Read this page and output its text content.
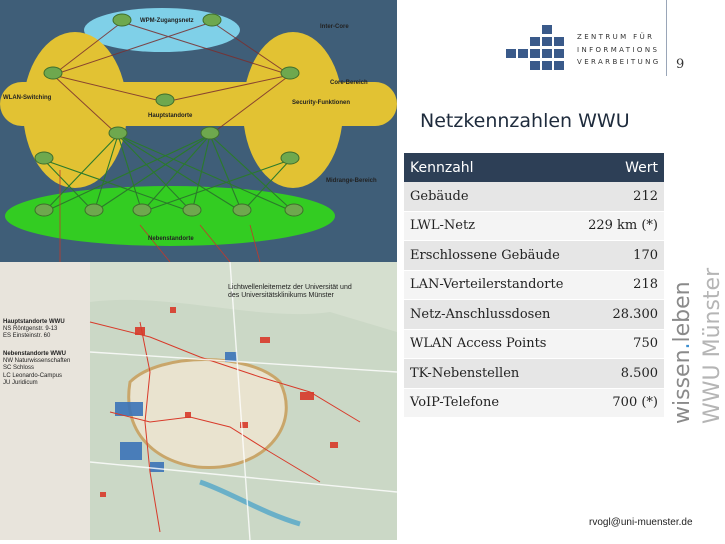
WPM-Zugangsnetz
Inter-Core
Core-Bereich
WLAN-Switching
Security-Funktionen
Hauptstandorte
Midrange-Bereich
Nebenstandorte
Lichtwellenleiternetz der Universität und
des Universitätsklinikums Münster
Hauptstandorte WWU
NS Röntgenstr. 9-13
ES Einsteinstr. 60
Nebenstandorte WWU
NW Naturwissenschaften
SC Schloss
LC Leonardo-Campus
JU Juridicum
ZENTRUM FÜR
INFORMATIONS
VERARBEITUNG 9
Netzkennzahlen WWU
Kennzahl	Wert
Gebäude	212
LWL-Netz	229 km (*)
Erschlossene Gebäude	170
LAN-Verteilerstandorte	218
Netz-Anschlussdosen	28.300
WLAN Access Points	750
TK-Nebenstellen	8.500
VoIP-Telefone	700 (*) wissen.leben WWU Münster
rvogl@uni-muenster.de
